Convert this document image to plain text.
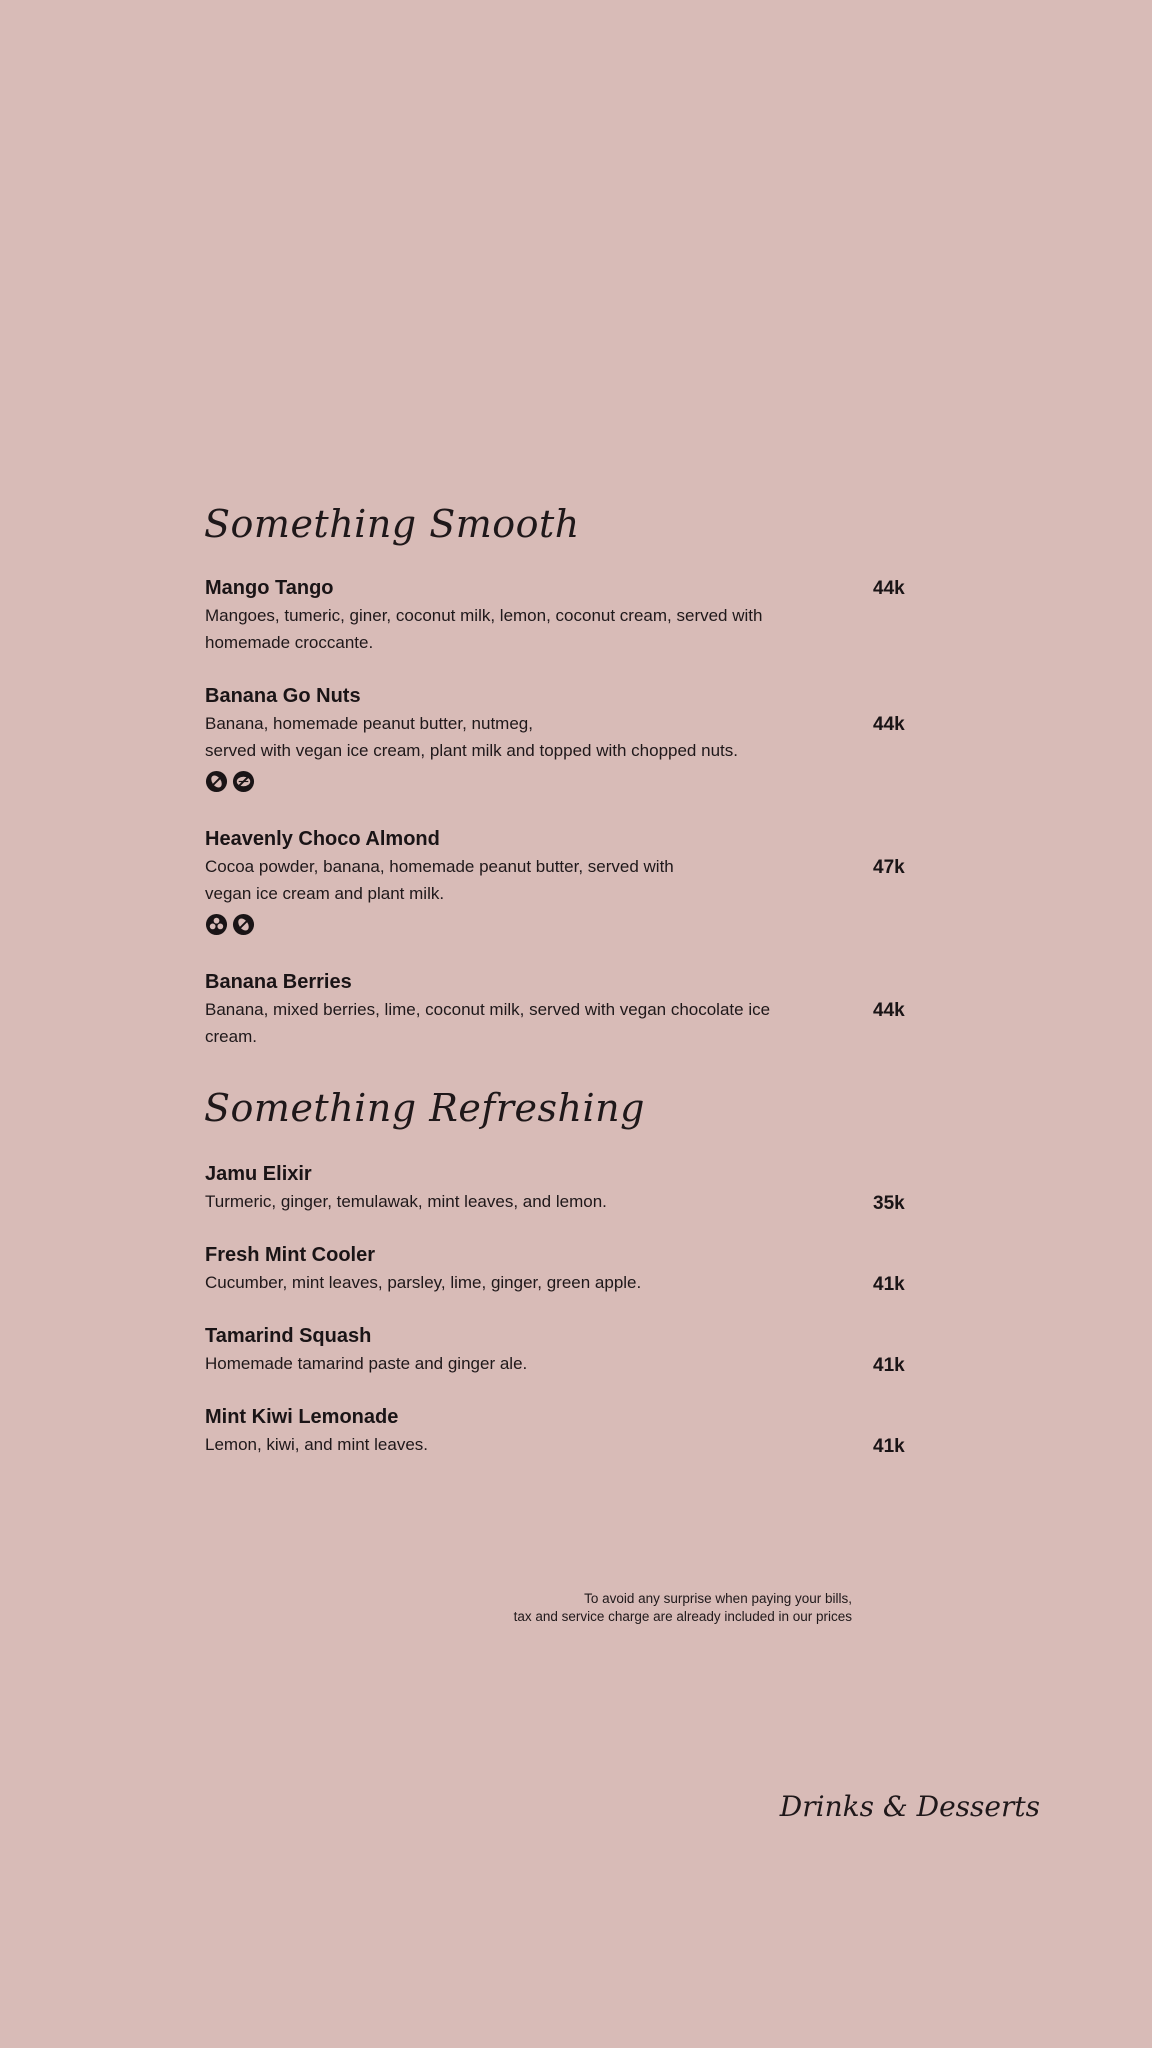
Something Smooth
Mango Tango
Mangoes, tumeric, giner, coconut milk, lemon, coconut cream, served with
homemade croccante.
44k
Banana Go Nuts
Banana, homemade peanut butter, nutmeg,
served with vegan ice cream, plant milk and topped with chopped nuts.
44k
Heavenly Choco Almond
Cocoa powder, banana, homemade peanut butter, served with
vegan ice cream and plant milk.
47k
Banana Berries
Banana, mixed berries, lime, coconut milk, served with vegan chocolate ice
cream.
44k
Something Refreshing
Jamu Elixir
Turmeric, ginger, temulawak, mint leaves, and lemon.	35k
Fresh Mint Cooler
Cucumber, mint leaves, parsley, lime, ginger, green apple.	41k
Tamarind Squash
Homemade tamarind paste and ginger ale.	41k
Mint Kiwi Lemonade
Lemon, kiwi, and mint leaves.	41k
To avoid any surprise when paying your bills,
tax and service charge are already included in our prices
Drinks & Desserts
